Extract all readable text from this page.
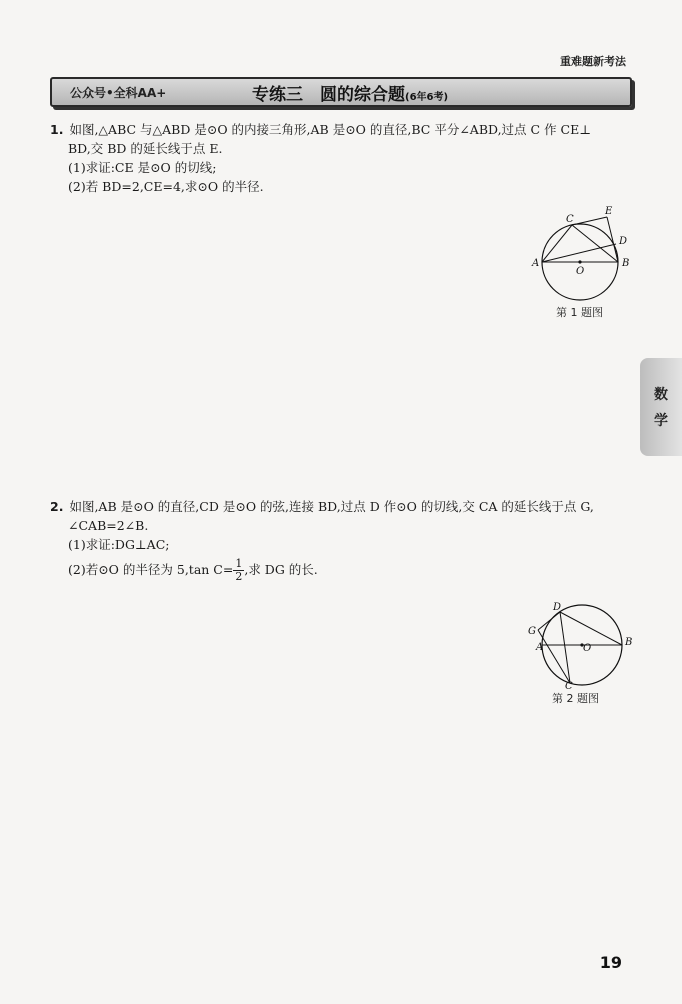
重难题新考法
公众号•全科AA+	专练三　圆的综合题(6年6考)
1. 如图,△ABC 与△ABD 是⊙O 的内接三角形,AB 是⊙O 的直径,BC 平分∠ABD,过点 C 作 CE⊥
BD,交 BD 的延长线于点 E.
(1)求证:CE 是⊙O 的切线;
(2)若 BD=2,CE=4,求⊙O 的半径.
A	B
C
D
E
O
第 1 题图
数学
2. 如图,AB 是⊙O 的直径,CD 是⊙O 的弦,连接 BD,过点 D 作⊙O 的切线,交 CA 的延长线于点 G,
∠CAB=2∠B.
(1)求证:DG⊥AC;
(2)若⊙O 的半径为 5,tan $C= \frac{1}{2}$ ,求 DG 的长.
G
A	B
D
C
O
第 2 题图
19
